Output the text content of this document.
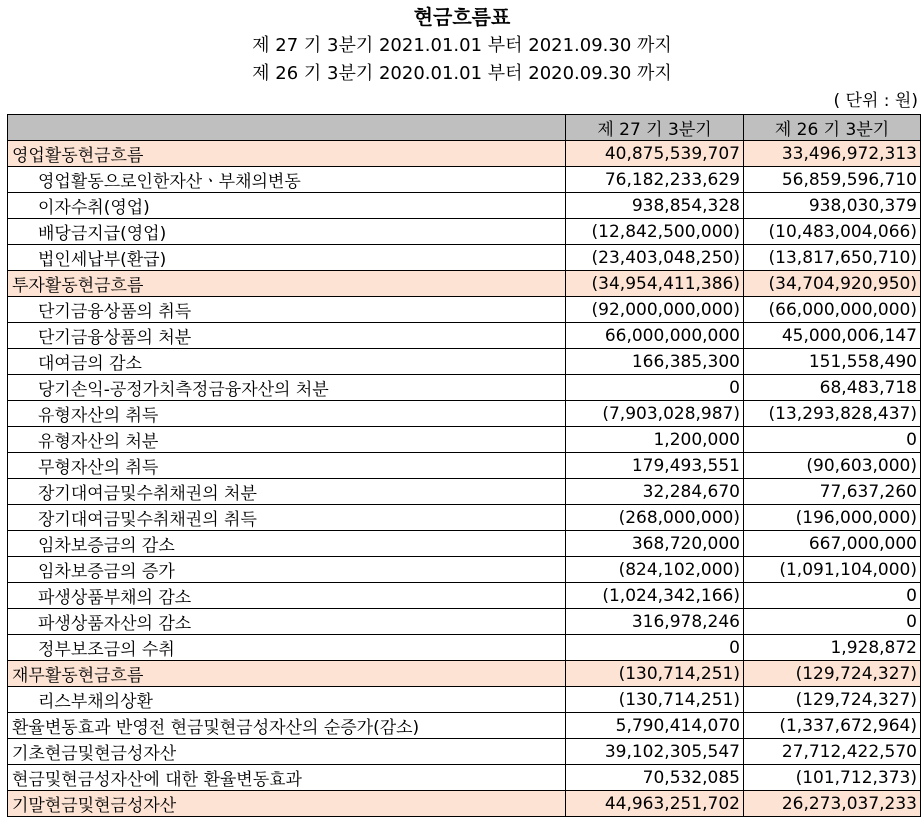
현금흐름표
제 27 기 3분기 2021.01.01 부터 2021.09.30 까지
제 26 기 3분기 2020.01.01 부터 2020.09.30 까지
( 단위 : 원)
	제 27 기 3분기	제 26 기 3분기
영업활동현금흐름	40,875,539,707	33,496,972,313
영업활동으로인한자산ㆍ부채의변동	76,182,233,629	56,859,596,710
이자수취(영업)	938,854,328	938,030,379
배당금지급(영업)	(12,842,500,000)	(10,483,004,066)
법인세납부(환급)	(23,403,048,250)	(13,817,650,710)
투자활동현금흐름	(34,954,411,386)	(34,704,920,950)
단기금융상품의 취득	(92,000,000,000)	(66,000,000,000)
단기금융상품의 처분	66,000,000,000	45,000,006,147
대여금의 감소	166,385,300	151,558,490
당기손익-공정가치측정금융자산의 처분	0	68,483,718
유형자산의 취득	(7,903,028,987)	(13,293,828,437)
유형자산의 처분	1,200,000	0
무형자산의 취득	179,493,551	(90,603,000)
장기대여금및수취채권의 처분	32,284,670	77,637,260
장기대여금및수취채권의 취득	(268,000,000)	(196,000,000)
임차보증금의 감소	368,720,000	667,000,000
임차보증금의 증가	(824,102,000)	(1,091,104,000)
파생상품부채의 감소	(1,024,342,166)	0
파생상품자산의 감소	316,978,246	0
정부보조금의 수취	0	1,928,872
재무활동현금흐름	(130,714,251)	(129,724,327)
리스부채의상환	(130,714,251)	(129,724,327)
환율변동효과 반영전 현금및현금성자산의 순증가(감소)	5,790,414,070	(1,337,672,964)
기초현금및현금성자산	39,102,305,547	27,712,422,570
현금및현금성자산에 대한 환율변동효과	70,532,085	(101,712,373)
기말현금및현금성자산	44,963,251,702	26,273,037,233
